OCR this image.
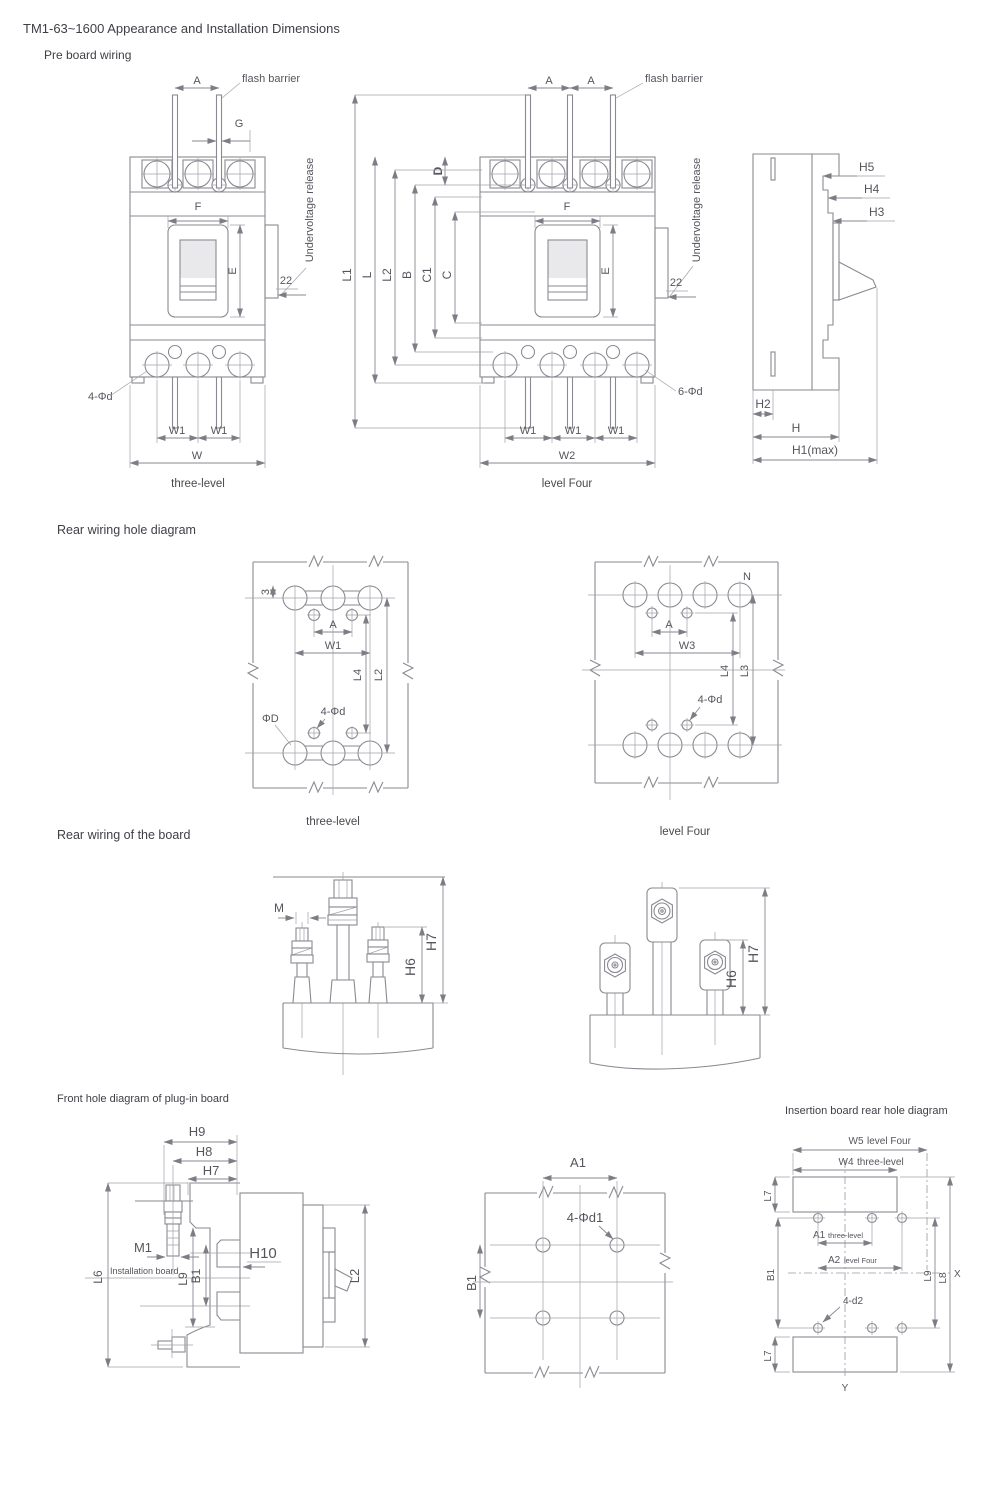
TM1-63~1600 Appearance and Installation Dimensions
Pre board wiring
Rear wiring hole diagram
Rear wiring of the board
Front hole diagram of plug-in board
Insertion board rear hole diagram
A	flash barrier
G
F
E
Undervoltage release
22
4-Φd
W1 W1
W
three-level
A	A	flash barrier
D
L1 L L2 B C1 C
F
E
Undervoltage release
22
6-Φd
W1	W1 W1
W2
level Four
H5
H4
H3
H2
H
H1(max)
3
A
W1
L4 L2
ΦD
4-Φd
three-level
N
A
W3
L4 L3
4-Φd
level Four
M
H6
H7
H6
H7
H9
H8
H7
M1
Installation board
L6	L9 B1
H10
L2
A1
4-Φd1
B1
W5 level Four
W4 three-level
L7
A1 three-level
A2 level Four
B1	X
Y
4-d2
L7
L9 L8
